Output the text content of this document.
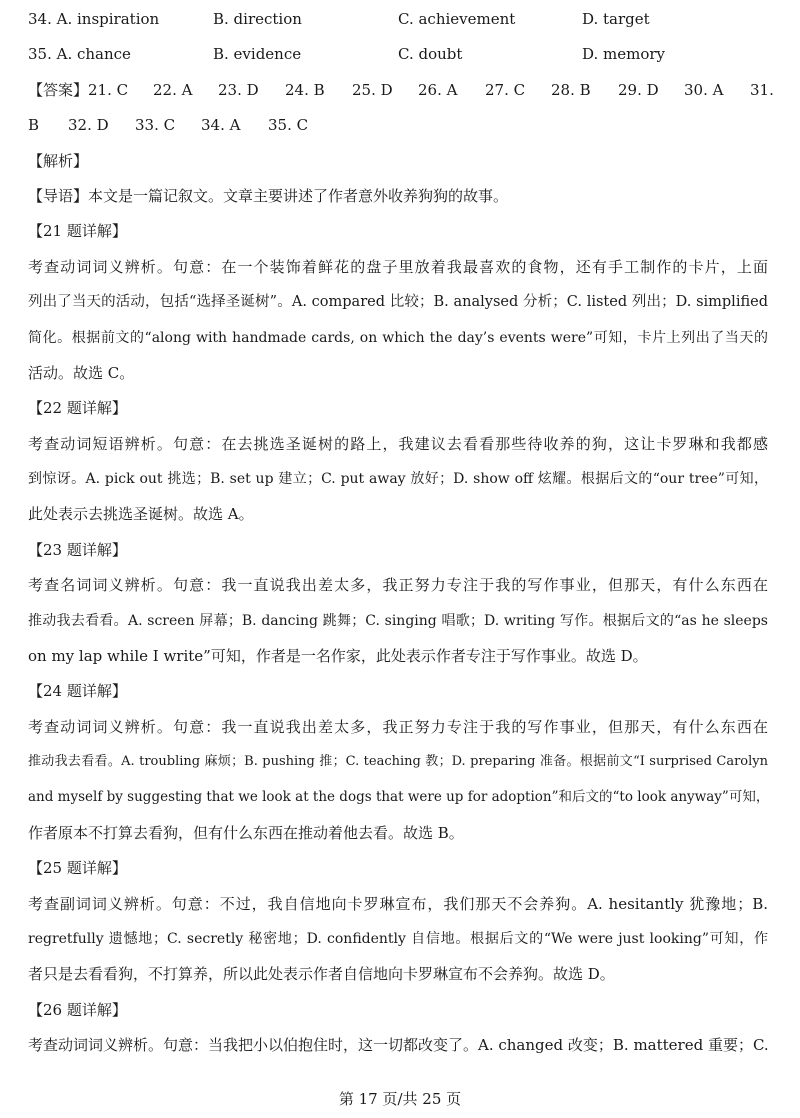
34. A. inspiration	B. direction	C. achievement	D. target
35. A. chance	B. evidence	C. doubt	D. memory
【答案】21. C 22. A 23. D 24. B 25. D 26. A 27. C 28. B 29. D 30. A 31.
B 32. D 33. C 34. A 35. C
【解析】
【导语】本文是一篇记叙文。文章主要讲述了作者意外收养狗狗的故事。
【21 题详解】
考查动词词义辨析。句意：在一个装饰着鲜花的盘子里放着我最喜欢的食物，还有手工制作的卡片，上面
列出了当天的活动，包括“选择圣诞树”。A. compared 比较；B. analysed 分析；C. listed 列出；D. simplified
简化。根据前文的“along with handmade cards, on which the day’s events were”可知，卡片上列出了当天的
活动。故选 C。
【22 题详解】
考查动词短语辨析。句意：在去挑选圣诞树的路上，我建议去看看那些待收养的狗，这让卡罗琳和我都感
到惊讶。A. pick out 挑选；B. set up 建立；C. put away 放好；D. show off 炫耀。根据后文的“our tree”可知，
此处表示去挑选圣诞树。故选 A。
【23 题详解】
考查名词词义辨析。句意：我一直说我出差太多，我正努力专注于我的写作事业，但那天，有什么东西在
推动我去看看。A. screen 屏幕；B. dancing 跳舞；C. singing 唱歌；D. writing 写作。根据后文的“as he sleeps
on my lap while I write”可知，作者是一名作家，此处表示作者专注于写作事业。故选 D。
【24 题详解】
考查动词词义辨析。句意：我一直说我出差太多，我正努力专注于我的写作事业，但那天，有什么东西在
推动我去看看。A. troubling 麻烦；B. pushing 推；C. teaching 教；D. preparing 准备。根据前文“I surprised Carolyn
and myself by suggesting that we look at the dogs that were up for adoption”和后文的“to look anyway”可知，
作者原本不打算去看狗，但有什么东西在推动着他去看。故选 B。
【25 题详解】
考查副词词义辨析。句意：不过，我自信地向卡罗琳宣布，我们那天不会养狗。A. hesitantly 犹豫地；B.
regretfully 遗憾地；C. secretly 秘密地；D. confidently 自信地。根据后文的“We were just looking”可知，作
者只是去看看狗，不打算养，所以此处表示作者自信地向卡罗琳宣布不会养狗。故选 D。
【26 题详解】
考查动词词义辨析。句意：当我把小以伯抱住时，这一切都改变了。A. changed 改变；B. mattered 重要；C.
第 17 页/共 25 页
